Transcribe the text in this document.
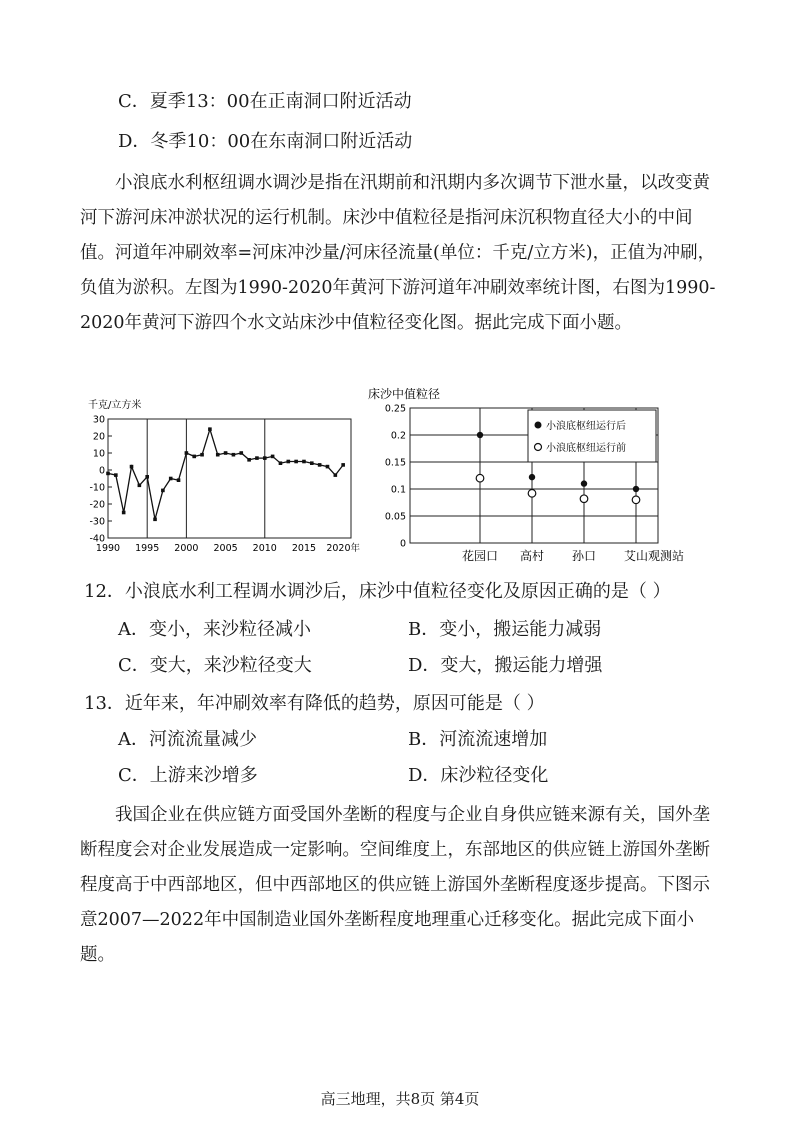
C．夏季13：00在正南洞口附近活动
D．冬季10：00在东南洞口附近活动

小浪底水利枢纽调水调沙是指在汛期前和汛期内多次调节下泄水量，以改变黄河下游河床冲淤状况的运行机制。床沙中值粒径是指河床沉积物直径大小的中间值。河道年冲刷效率=河床冲沙量/河床径流量(单位：千克/立方米)，正值为冲刷，负值为淤积。左图为1990-2020年黄河下游河道年冲刷效率统计图，右图为1990-2020年黄河下游四个水文站床沙中值粒径变化图。据此完成下面小题。

千克/立方米
30
20
10
0
-10
-20
-30
-40
1990 1995 2000 2005 2010 2015 2020年
床沙中值粒径
0.25
0.2
0.15
0.1
0.05
0
花园口 高村 孙口 艾山
小浪底枢纽运行后
小浪底枢纽运行前
观测站
12．小浪底水利工程调水调沙后，床沙中值粒径变化及原因正确的是（ ）
A．变小，来沙粒径减小	B．变小，搬运能力减弱
C．变大，来沙粒径变大	D．变大，搬运能力增强
13．近年来，年冲刷效率有降低的趋势，原因可能是（ ）
A．河流流量减少	B．河流流速增加
C．上游来沙增多	D．床沙粒径变化

我国企业在供应链方面受国外垄断的程度与企业自身供应链来源有关，国外垄断程度会对企业发展造成一定影响。空间维度上，东部地区的供应链上游国外垄断程度高于中西部地区，但中西部地区的供应链上游国外垄断程度逐步提高。下图示意2007—2022年中国制造业国外垄断程度地理重心迁移变化。据此完成下面小题。

高三地理，共8页 第4页
